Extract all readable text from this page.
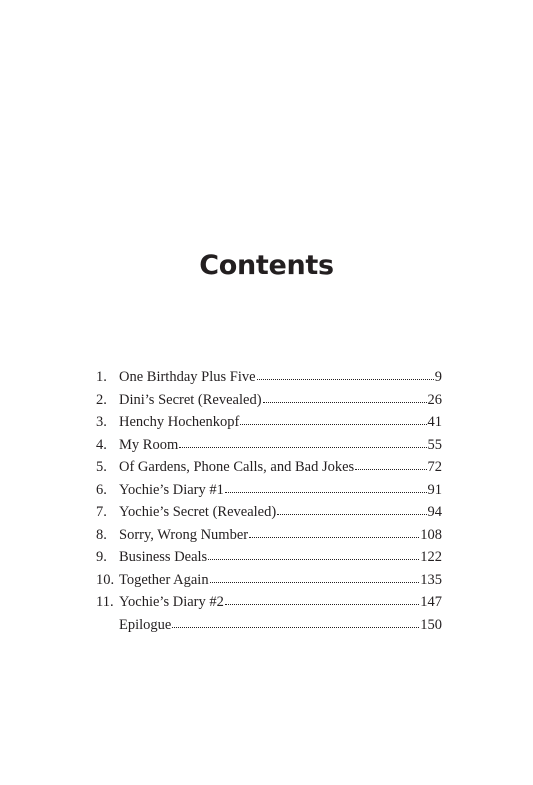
Contents
1. One Birthday Plus Five	9
2. Dini’s Secret (Revealed)	26
3. Henchy Hochenkopf	41
4. My Room	55
5. Of Gardens, Phone Calls, and Bad Jokes	72
6. Yochie’s Diary #1	91
7. Yochie’s Secret (Revealed)	94
8. Sorry, Wrong Number	108
9. Business Deals	122
10. Together Again	135
11. Yochie’s Diary #2	147
Epilogue	150
